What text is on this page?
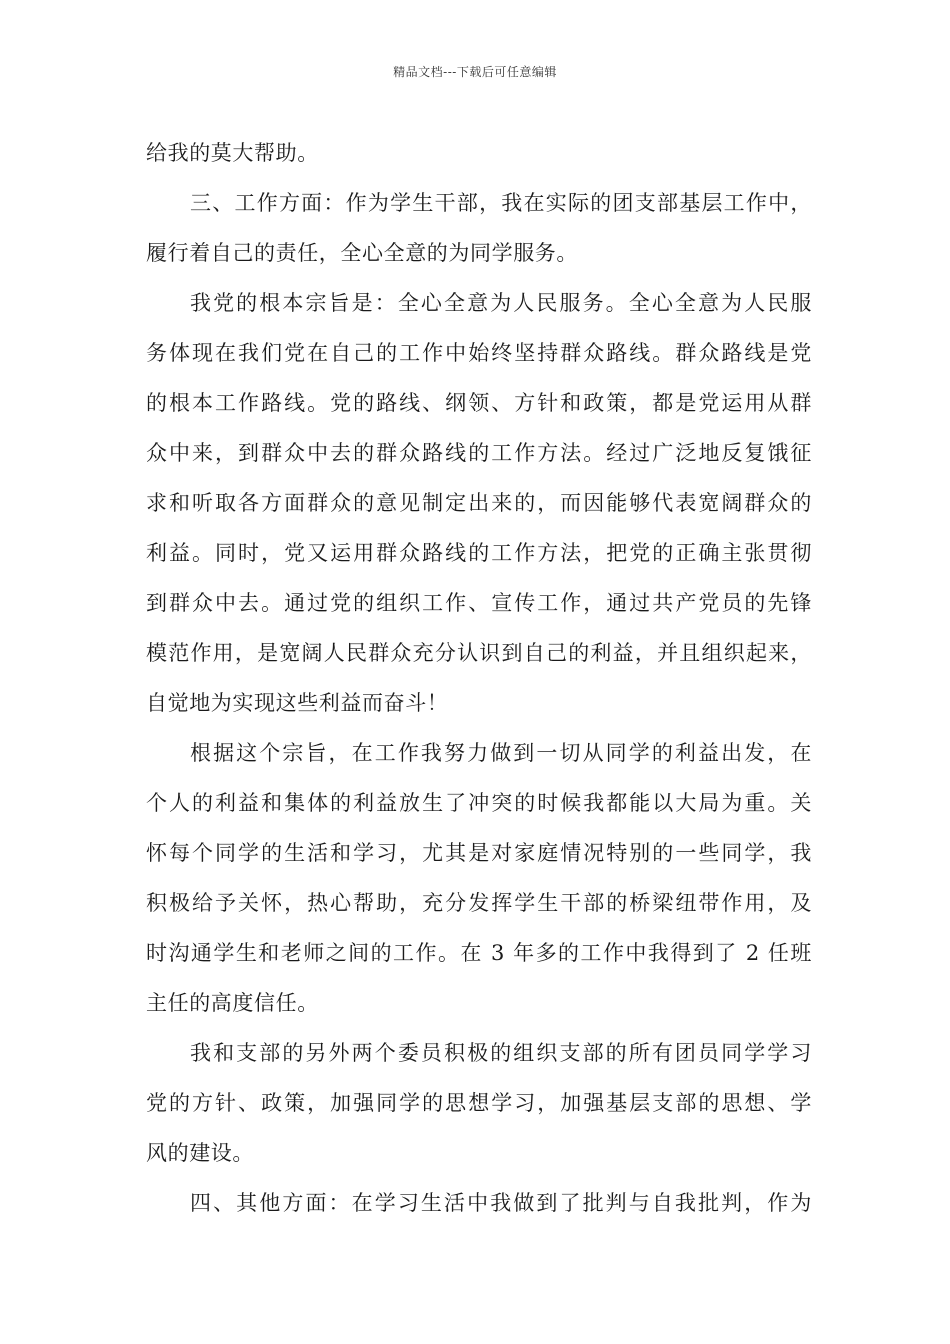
精品文档---下载后可任意编辑
给我的莫大帮助。
三、工作方面：作为学生干部，我在实际的团支部基层工作中，
履行着自己的责任，全心全意的为同学服务。
我党的根本宗旨是：全心全意为人民服务。全心全意为人民服
务体现在我们党在自己的工作中始终坚持群众路线。群众路线是党
的根本工作路线。党的路线、纲领、方针和政策，都是党运用从群
众中来，到群众中去的群众路线的工作方法。经过广泛地反复饿征
求和听取各方面群众的意见制定出来的，而因能够代表宽阔群众的
利益。同时，党又运用群众路线的工作方法，把党的正确主张贯彻
到群众中去。通过党的组织工作、宣传工作，通过共产党员的先锋
模范作用，是宽阔人民群众充分认识到自己的利益，并且组织起来，
自觉地为实现这些利益而奋斗！
根据这个宗旨，在工作我努力做到一切从同学的利益出发，在
个人的利益和集体的利益放生了冲突的时候我都能以大局为重。关
怀每个同学的生活和学习，尤其是对家庭情况特别的一些同学，我
积极给予关怀，热心帮助，充分发挥学生干部的桥梁纽带作用，及
时沟通学生和老师之间的工作。在 3 年多的工作中我得到了 2 任班
主任的高度信任。
我和支部的另外两个委员积极的组织支部的所有团员同学学习
党的方针、政策，加强同学的思想学习，加强基层支部的思想、学
风的建设。
四、其他方面：在学习生活中我做到了批判与自我批判，作为
